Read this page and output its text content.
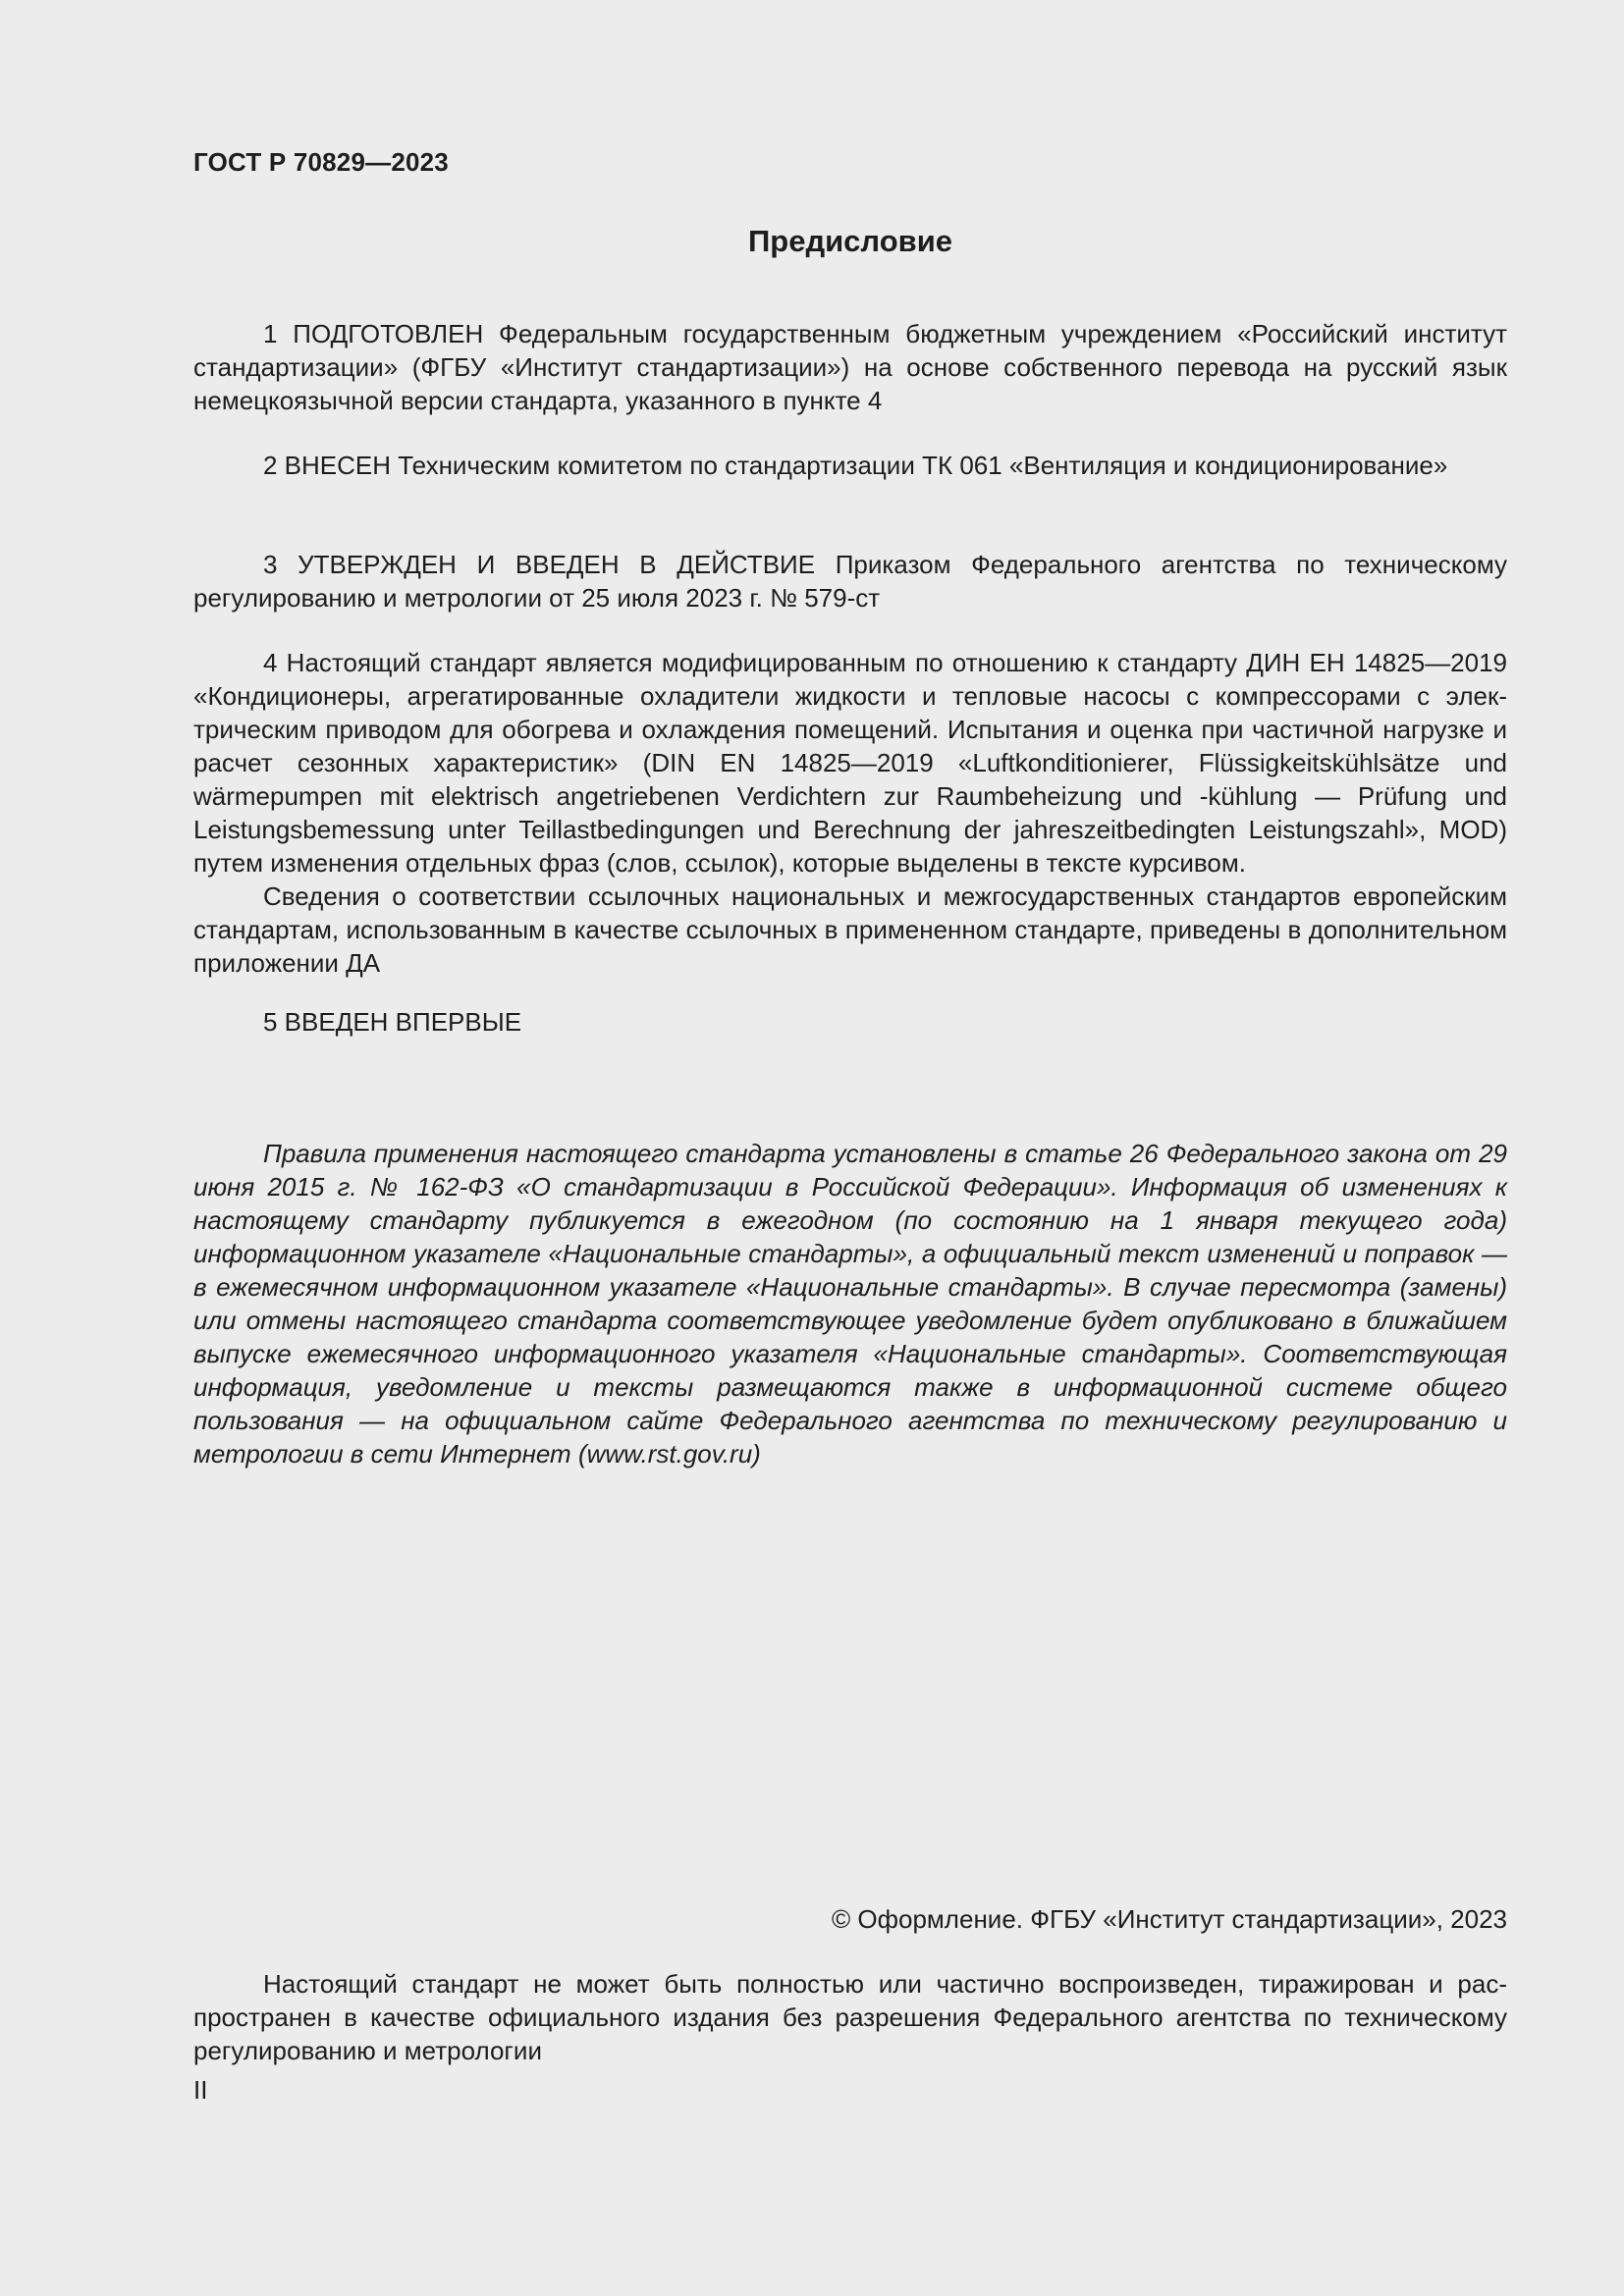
ГОСТ Р 70829—2023
Предисловие

1 ПОДГОТОВЛЕН Федеральным государственным бюджетным учреждением «Российский институт стандартизации» (ФГБУ «Институт стандартизации») на основе собственного перевода на русский язык немецкоязычной версии стандарта, указанного в пункте 4

2 ВНЕСЕН Техническим комитетом по стандартизации ТК 061 «Вентиляция и кондиционирование»

3 УТВЕРЖДЕН И ВВЕДЕН В ДЕЙСТВИЕ Приказом Федерального агентства по техническому регулированию и метрологии от 25 июля 2023 г. № 579-ст

4 Настоящий стандарт является модифицированным по отношению к стандарту ДИН ЕН 14825—2019 «Кондиционеры, агрегатированные охладители жидкости и тепловые насосы с компрессорами с электрическим приводом для обогрева и охлаждения помещений. Испытания и оценка при частичной нагрузке и расчет сезонных характеристик» (DIN EN 14825—2019 «Luftkonditionierer, Flüssigkeitskühlsätze und wärmepumpen mit elektrisch angetriebenen Verdichtern zur Raumbeheizung und -kühlung — Prüfung und Leistungsbemessung unter Teillastbedingungen und Berechnung der jahreszeitbedingten Leistungszahl», MOD) путем изменения отдельных фраз (слов, ссылок), которые выделены в тексте курсивом.

Сведения о соответствии ссылочных национальных и межгосударственных стандартов европейским стандартам, использованным в качестве ссылочных в примененном стандарте, приведены в дополнительном приложении ДА

5 ВВЕДЕН ВПЕРВЫЕ

Правила применения настоящего стандарта установлены в статье 26 Федерального закона от 29 июня 2015 г. № 162-ФЗ «О стандартизации в Российской Федерации». Информация об изменениях к настоящему стандарту публикуется в ежегодном (по состоянию на 1 января текущего года) информационном указателе «Национальные стандарты», а официальный текст изменений и поправок — в ежемесячном информационном указателе «Национальные стандарты». В случае пересмотра (замены) или отмены настоящего стандарта соответствующее уведомление будет опубликовано в ближайшем выпуске ежемесячного информационного указателя «Национальные стандарты». Соответствующая информация, уведомление и тексты размещаются также в информационной системе общего пользования — на официальном сайте Федерального агентства по техническому регулированию и метрологии в сети Интернет (www.rst.gov.ru)

© Оформление. ФГБУ «Институт стандартизации», 2023

Настоящий стандарт не может быть полностью или частично воспроизведен, тиражирован и распространен в качестве официального издания без разрешения Федерального агентства по техническому регулированию и метрологии

II
